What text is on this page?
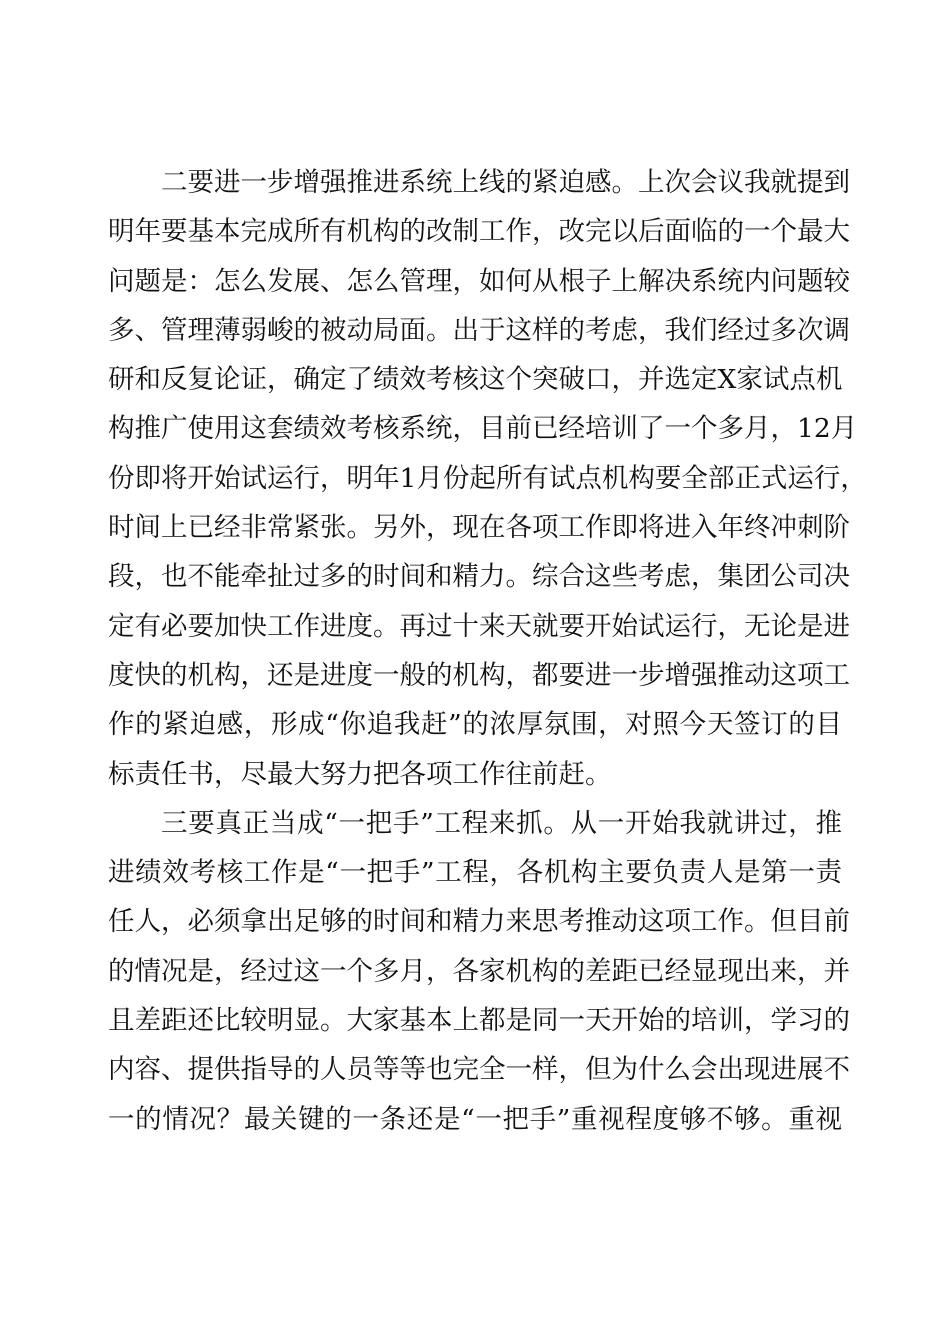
二要进一步增强推进系统上线的紧迫感。上次会议我就提到
明年要基本完成所有机构的改制工作，改完以后面临的一个最大
问题是：怎么发展、怎么管理，如何从根子上解决系统内问题较
多、管理薄弱峻的被动局面。出于这样的考虑，我们经过多次调
研和反复论证，确定了绩效考核这个突破口，并选定X家试点机
构推广使用这套绩效考核系统，目前已经培训了一个多月，12月
份即将开始试运行，明年1月份起所有试点机构要全部正式运行，
时间上已经非常紧张。另外，现在各项工作即将进入年终冲刺阶
段，也不能牵扯过多的时间和精力。综合这些考虑，集团公司决
定有必要加快工作进度。再过十来天就要开始试运行，无论是进
度快的机构，还是进度一般的机构，都要进一步增强推动这项工
作的紧迫感，形成“你追我赶”的浓厚氛围，对照今天签订的目
标责任书，尽最大努力把各项工作往前赶。
三要真正当成“一把手”工程来抓。从一开始我就讲过，推
进绩效考核工作是“一把手”工程，各机构主要负责人是第一责
任人，必须拿出足够的时间和精力来思考推动这项工作。但目前
的情况是，经过这一个多月，各家机构的差距已经显现出来，并
且差距还比较明显。大家基本上都是同一天开始的培训，学习的
内容、提供指导的人员等等也完全一样，但为什么会出现进展不
一的情况？最关键的一条还是“一把手”重视程度够不够。重视
